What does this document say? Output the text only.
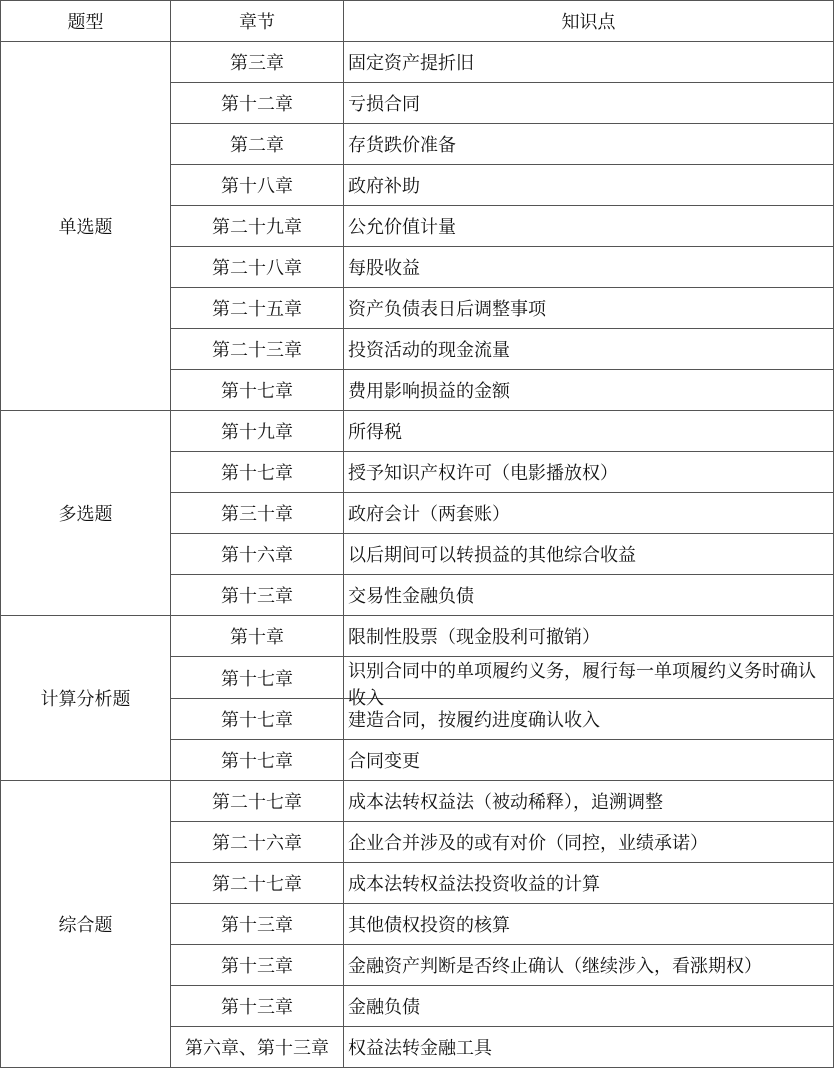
题型	章节	知识点
单选题	第三章	固定资产提折旧
	第十二章	亏损合同
	第二章	存货跌价准备
	第十八章	政府补助
	第二十九章	公允价值计量
	第二十八章	每股收益
	第二十五章	资产负债表日后调整事项
	第二十三章	投资活动的现金流量
	第十七章	费用影响损益的金额
多选题	第十九章	所得税
	第十七章	授予知识产权许可（电影播放权）
	第三十章	政府会计（两套账）
	第十六章	以后期间可以转损益的其他综合收益
	第十三章	交易性金融负债
计算分析题	第十章	限制性股票（现金股利可撤销）
	第十七章	识别合同中的单项履约义务，履行每一单项履约义务时确认收入

	第十七章	建造合同，按履约进度确认收入
	第十七章	合同变更
综合题	第二十七章	成本法转权益法（被动稀释），追溯调整
	第二十六章	企业合并涉及的或有对价（同控，业绩承诺）
	第二十七章	成本法转权益法投资收益的计算
	第十三章	其他债权投资的核算
	第十三章	金融资产判断是否终止确认（继续涉入，看涨期权）
	第十三章	金融负债
	第六章、第十三章	权益法转金融工具
